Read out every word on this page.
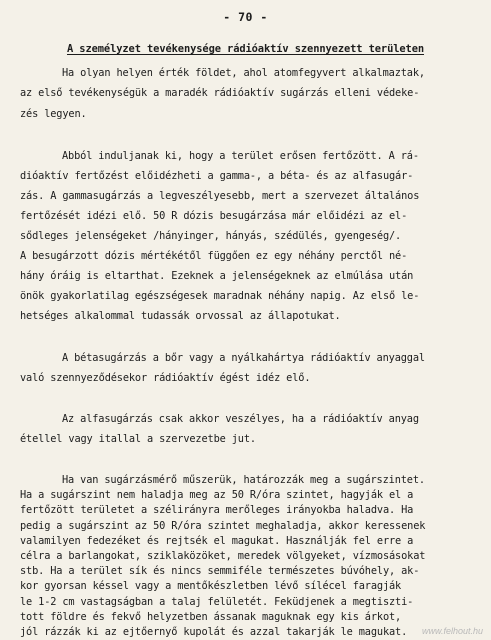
- 70 -
A személyzet tevékenysége rádióaktív szennyezett területen
Ha olyan helyen érték földet, ahol atomfegyvert alkalmaztak,
az első tevékenységük a maradék rádióaktív sugárzás elleni védeke-
zés legyen.
Abból induljanak ki, hogy a terület erősen fertőzött. A rá-
dióaktív fertőzést előidézheti a gamma-, a béta- és az alfasugár-
zás. A gammasugárzás a legveszélyesebb, mert a szervezet általános
fertőzését idézi elő. 50 R dózis besugárzása már előidézi az el-
sődleges jelenségeket /hányinger, hányás, szédülés, gyengeség/.
A besugárzott dózis mértékétől függően ez egy néhány perctől né-
hány óráig is eltarthat. Ezeknek a jelenségeknek az elmúlása után
önök gyakorlatilag egészségesek maradnak néhány napig. Az első le-
hetséges alkalommal tudassák orvossal az állapotukat.
A bétasugárzás a bőr vagy a nyálkahártya rádióaktív anyaggal
való szennyeződésekor rádióaktív égést idéz elő.
Az alfasugárzás csak akkor veszélyes, ha a rádióaktív anyag
étellel vagy itallal a szervezetbe jut.
Ha van sugárzásmérő műszerük, határozzák meg a sugárszintet.
Ha a sugárszint nem haladja meg az 50 R/óra szintet, hagyják el a
fertőzött területet a szélirányra merőleges irányokba haladva. Ha
pedig a sugárszint az 50 R/óra szintet meghaladja, akkor keressenek
valamilyen fedezéket és rejtsék el magukat. Használják fel erre a
célra a barlangokat, sziklaközöket, meredek völgyeket, vízmosásokat
stb. Ha a terület sík és nincs semmiféle természetes búvóhely, ak-
kor gyorsan késsel vagy a mentőkészletben lévő sílécel faragják
le 1-2 cm vastagságban a talaj felületét. Feküdjenek a megtiszti-
tott földre és fekvő helyzetben ássanak maguknak egy kis árkot,
jól rázzák ki az ejtőernyő kupolát és azzal takarják le magukat. www.felhout.hu
